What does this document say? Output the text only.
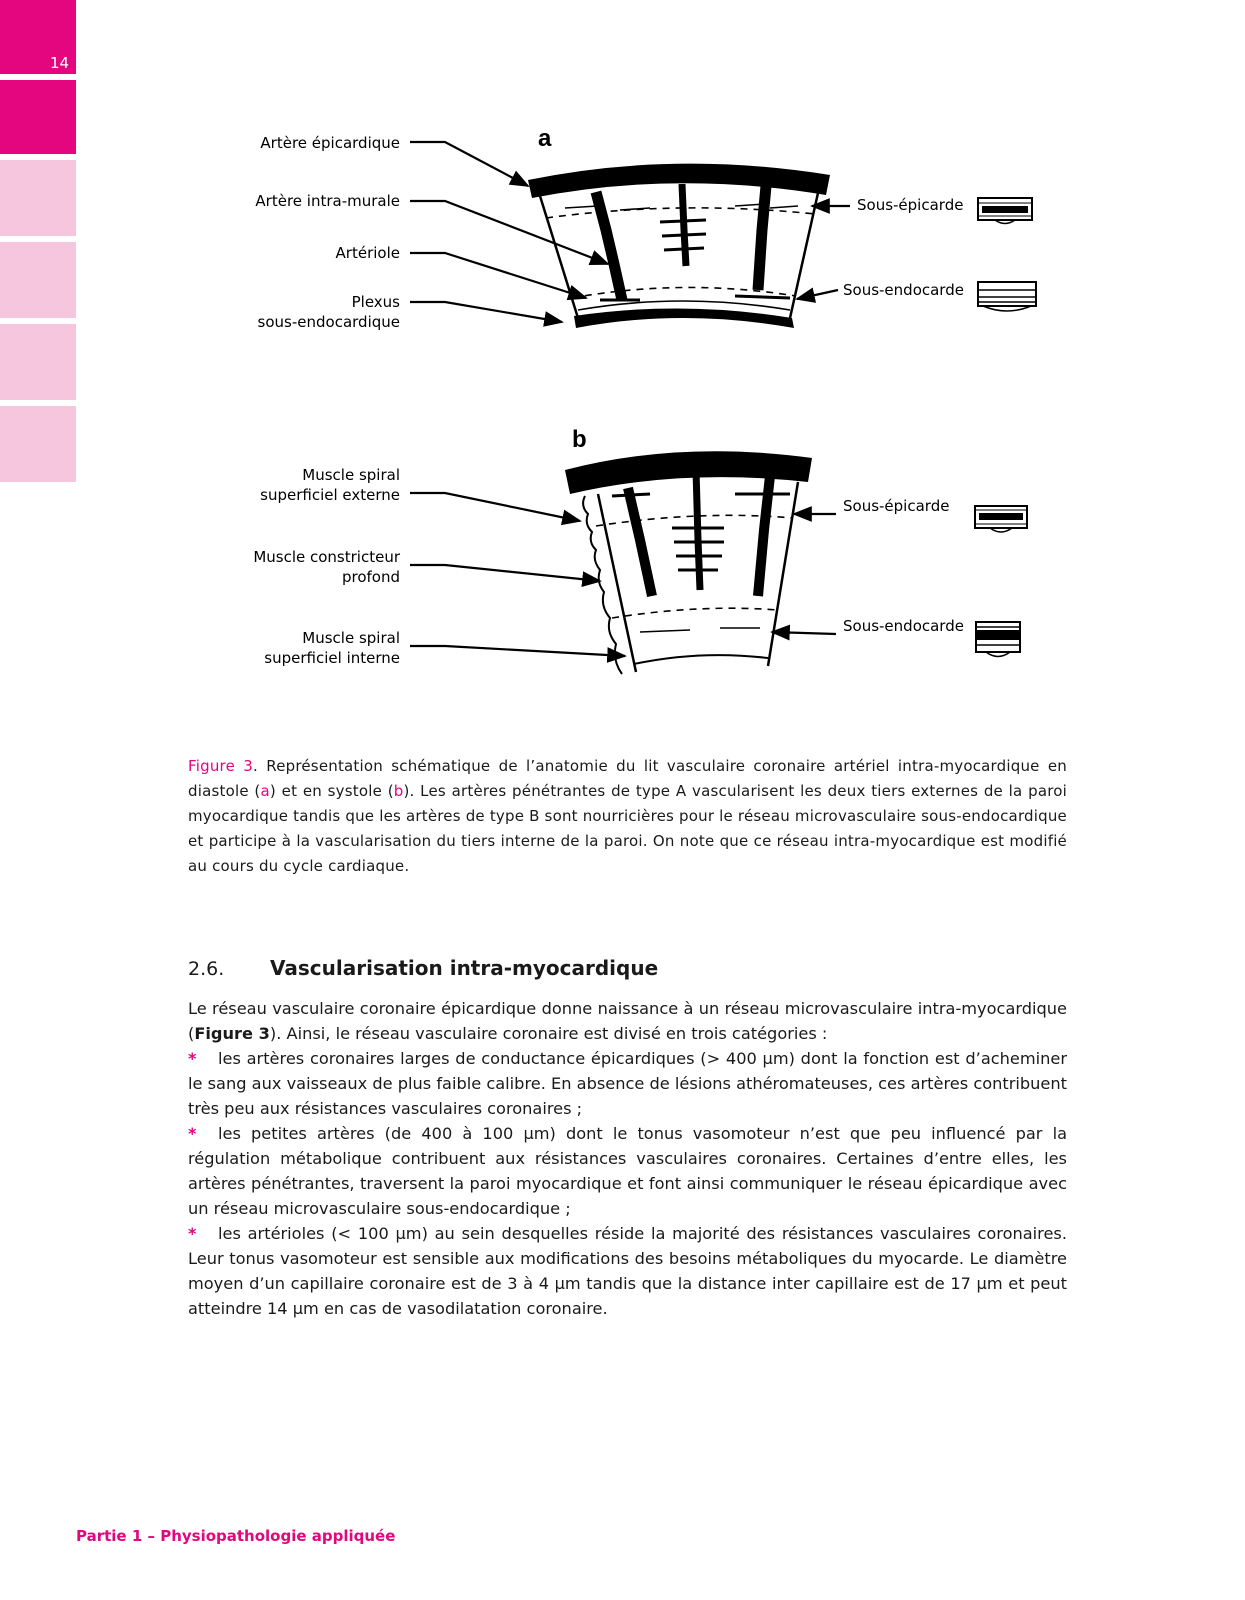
14
a
Artère épicardique
Artère intra-murale
Artériole
Plexus
sous-endocardique
Sous-épicarde
Sous-endocarde
b
Muscle spiral
superficiel externe
Muscle constricteur
profond
Muscle spiral
superficiel interne
Sous-épicarde
Sous-endocarde
Figure 3. Représentation schématique de l’anatomie du lit vasculaire coronaire artériel intra-myocardique en diastole (a) et en systole (b). Les artères pénétrantes de type A vascularisent les deux tiers externes de la paroi myocardique tandis que les artères de type B sont nourricières pour le réseau microvasculaire sous-endocardique et participe à la vascularisation du tiers interne de la paroi. On note que ce réseau intra-myocardique est modifié au cours du cycle cardiaque.
2.6. Vascularisation intra-myocardique

Le réseau vasculaire coronaire épicardique donne naissance à un réseau microvasculaire intra-myocardique (Figure 3). Ainsi, le réseau vasculaire coronaire est divisé en trois catégories :

* les artères coronaires larges de conductance épicardiques (> 400 µm) dont la fonction est d’acheminer le sang aux vaisseaux de plus faible calibre. En absence de lésions athéromateuses, ces artères contribuent très peu aux résistances vasculaires coronaires ;

* les petites artères (de 400 à 100 µm) dont le tonus vasomoteur n’est que peu influencé par la régulation métabolique contribuent aux résistances vasculaires coronaires. Certaines d’entre elles, les artères pénétrantes, traversent la paroi myocardique et font ainsi communiquer le réseau épicardique avec un réseau microvasculaire sous-endocardique ;

* les artérioles (< 100 µm) au sein desquelles réside la majorité des résistances vasculaires coronaires. Leur tonus vasomoteur est sensible aux modifications des besoins métaboliques du myocarde. Le diamètre moyen d’un capillaire coronaire est de 3 à 4 µm tandis que la distance inter capillaire est de 17 µm et peut atteindre 14 µm en cas de vasodilatation coronaire.

Partie 1 – Physiopathologie appliquée
